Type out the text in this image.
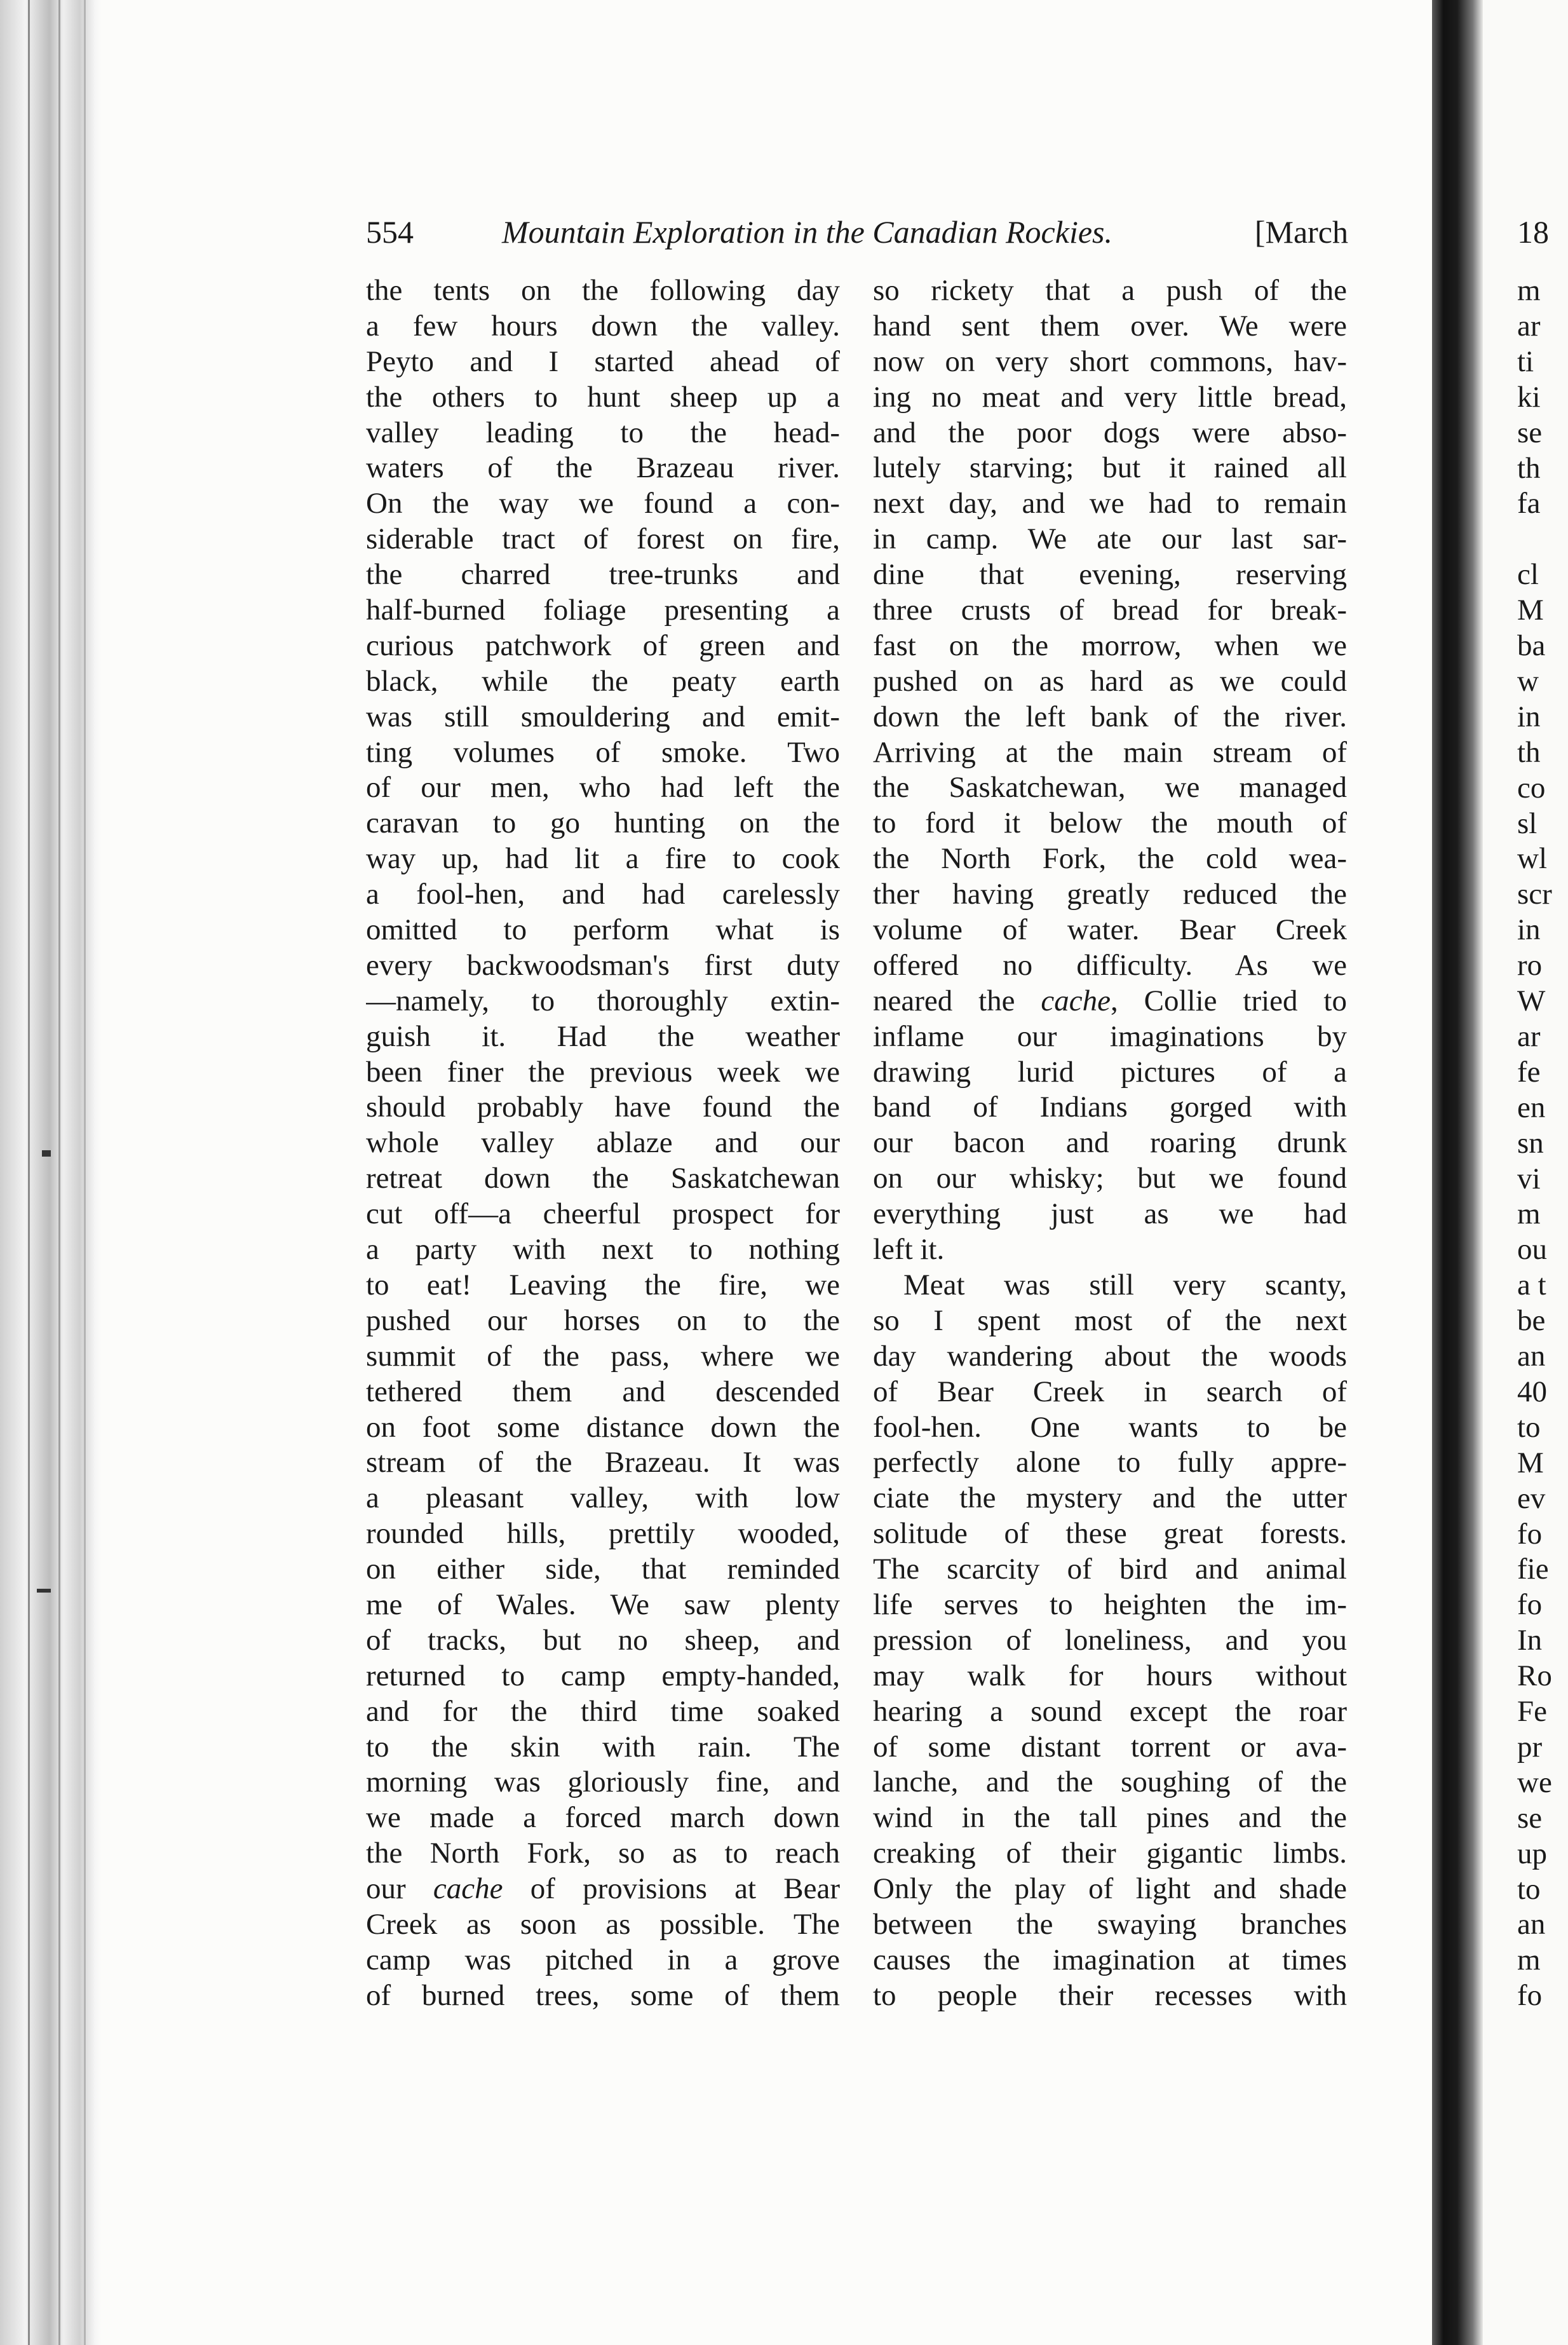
554	Mountain Exploration in the Canadian Rockies.	[March
the tents on the following day
a few hours down the valley.
Peyto and I started ahead of
the others to hunt sheep up a
valley leading to the head-
waters of the Brazeau river.
On the way we found a con-
siderable tract of forest on fire,
the charred tree-trunks and
half-burned foliage presenting a
curious patchwork of green and
black, while the peaty earth
was still smouldering and emit-
ting volumes of smoke. Two
of our men, who had left the
caravan to go hunting on the
way up, had lit a fire to cook
a fool-hen, and had carelessly
omitted to perform what is
every backwoodsman's first duty
—namely, to thoroughly extin-
guish it. Had the weather
been finer the previous week we
should probably have found the
whole valley ablaze and our
retreat down the Saskatchewan
cut off—a cheerful prospect for
a party with next to nothing
to eat! Leaving the fire, we
pushed our horses on to the
summit of the pass, where we
tethered them and descended
on foot some distance down the
stream of the Brazeau. It was
a pleasant valley, with low
rounded hills, prettily wooded,
on either side, that reminded
me of Wales. We saw plenty
of tracks, but no sheep, and
returned to camp empty-handed,
and for the third time soaked
to the skin with rain. The
morning was gloriously fine, and
we made a forced march down
the North Fork, so as to reach
our cache of provisions at Bear
Creek as soon as possible. The
camp was pitched in a grove
of burned trees, some of them
so rickety that a push of the
hand sent them over. We were
now on very short commons, hav-
ing no meat and very little bread,
and the poor dogs were abso-
lutely starving; but it rained all
next day, and we had to remain
in camp. We ate our last sar-
dine that evening, reserving
three crusts of bread for break-
fast on the morrow, when we
pushed on as hard as we could
down the left bank of the river.
Arriving at the main stream of
the Saskatchewan, we managed
to ford it below the mouth of
the North Fork, the cold wea-
ther having greatly reduced the
volume of water. Bear Creek
offered no difficulty. As we
neared the cache, Collie tried to
inflame our imaginations by
drawing lurid pictures of a
band of Indians gorged with
our bacon and roaring drunk
on our whisky; but we found
everything just as we had
left it.
Meat was still very scanty,
so I spent most of the next
day wandering about the woods
of Bear Creek in search of
fool-hen. One wants to be
perfectly alone to fully appre-
ciate the mystery and the utter
solitude of these great forests.
The scarcity of bird and animal
life serves to heighten the im-
pression of loneliness, and you
may walk for hours without
hearing a sound except the roar
of some distant torrent or ava-
lanche, and the soughing of the
wind in the tall pines and the
creaking of their gigantic limbs.
Only the play of light and shade
between the swaying branches
causes the imagination at times
to people their recesses with
18
m
ar
ti
ki
se
th
fa
cl
M
ba
w
in
th
co
sl
wl
scr
in
ro
W
ar
fe
en
sn
vi
m
ou
a t
be
an
40
to
M
ev
fo
fie
fo
In
Ro
Fe
pr
we
se
up
to
an
m
fo
